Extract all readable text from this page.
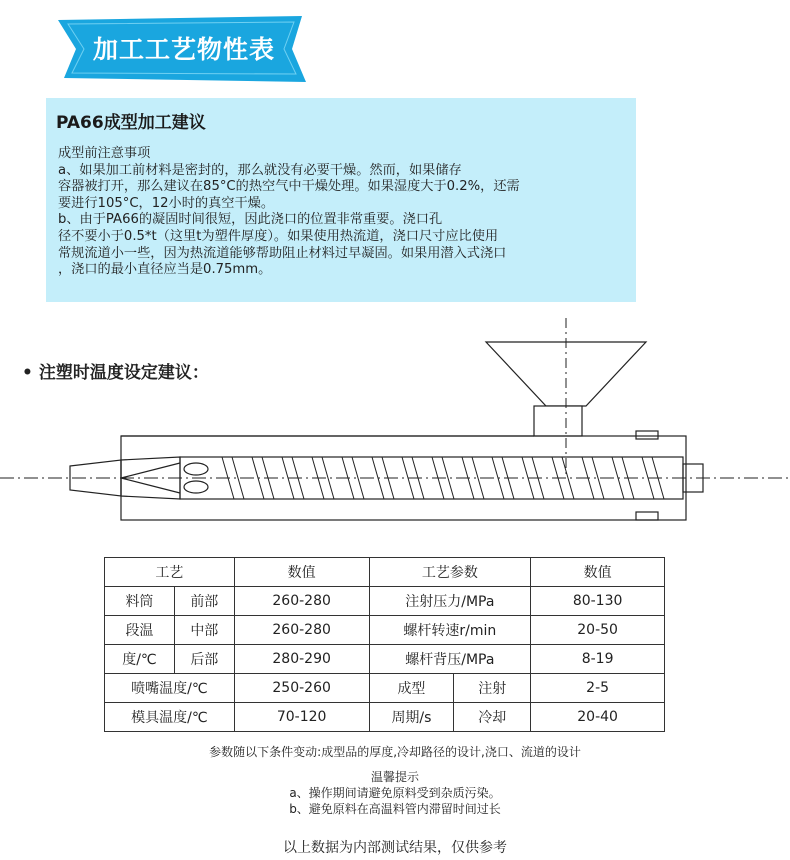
加工工艺物性表
PA66成型加工建议

成型前注意事项

a、如果加工前材料是密封的，那么就没有必要干燥。然而，如果储存

容器被打开，那么建议在85°C的热空气中干燥处理。如果湿度大于0.2%，还需

要进行105°C，12小时的真空干燥。

b、由于PA66的凝固时间很短，因此浇口的位置非常重要。浇口孔

径不要小于0.5*t（这里t为塑件厚度）。如果使用热流道，浇口尺寸应比使用

常规流道小一些，因为热流道能够帮助阻止材料过早凝固。如果用潜入式浇口

，浇口的最小直径应当是0.75mm。

• 注塑时温度设定建议：
工艺		数值	工艺参数		数值
料筒	前部	260-280	注射压力/MPa		80-130
段温	中部	260-280	螺杆转速r/min		20-50
度/℃	后部	280-290	螺杆背压/MPa		8-19
喷嘴温度/℃		250-260	成型	注射	2-5
模具温度/℃		70-120	周期/s	冷却	20-40
参数随以下条件变动:成型品的厚度,冷却路径的设计,浇口、流道的设计
温馨提示
a、操作期间请避免原料受到杂质污染。
b、避免原料在高温料管内滞留时间过长
以上数据为内部测试结果，仅供参考
